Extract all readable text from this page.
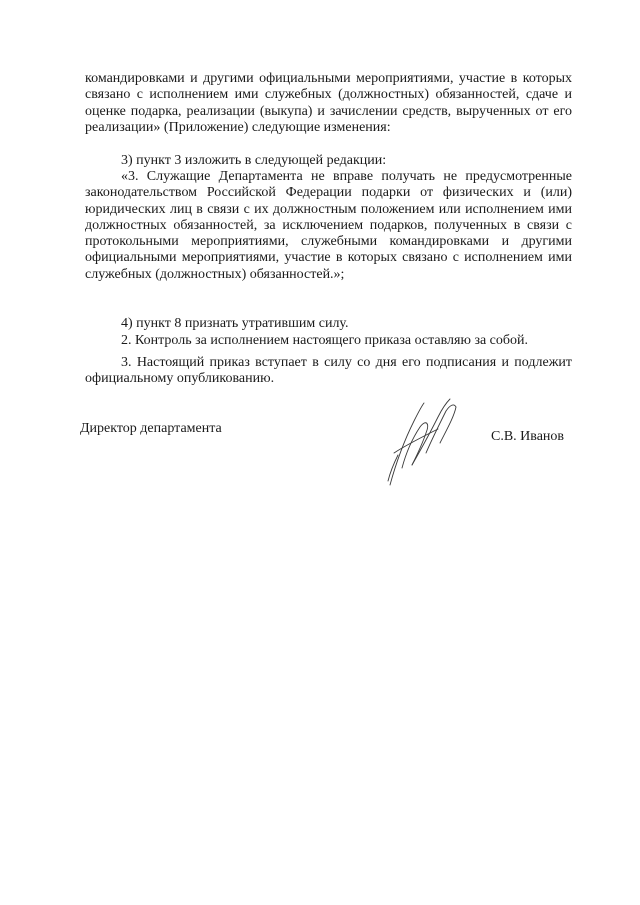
командировками и другими официальными мероприятиями, участие в которых связано с исполнением ими служебных (должностных) обязанностей, сдаче и оценке подарка, реализации (выкупа) и зачислении средств, вырученных от его реализации» (Приложение) следующие изменения:

3) пункт 3 изложить в следующей редакции:

«3. Служащие Департамента не вправе получать не предусмотренные законодательством Российской Федерации подарки от физических и (или) юридических лиц в связи с их должностным положением или исполнением ими должностных обязанностей, за исключением подарков, полученных в связи с протокольными мероприятиями, служебными командировками и другими официальными мероприятиями, участие в которых связано с исполнением ими служебных (должностных) обязанностей.»;

4) пункт 8 признать утратившим силу.

2. Контроль за исполнением настоящего приказа оставляю за собой.

3. Настоящий приказ вступает в силу со дня его подписания и подлежит официальному опубликованию.

Директор департамента

С.В. Иванов
